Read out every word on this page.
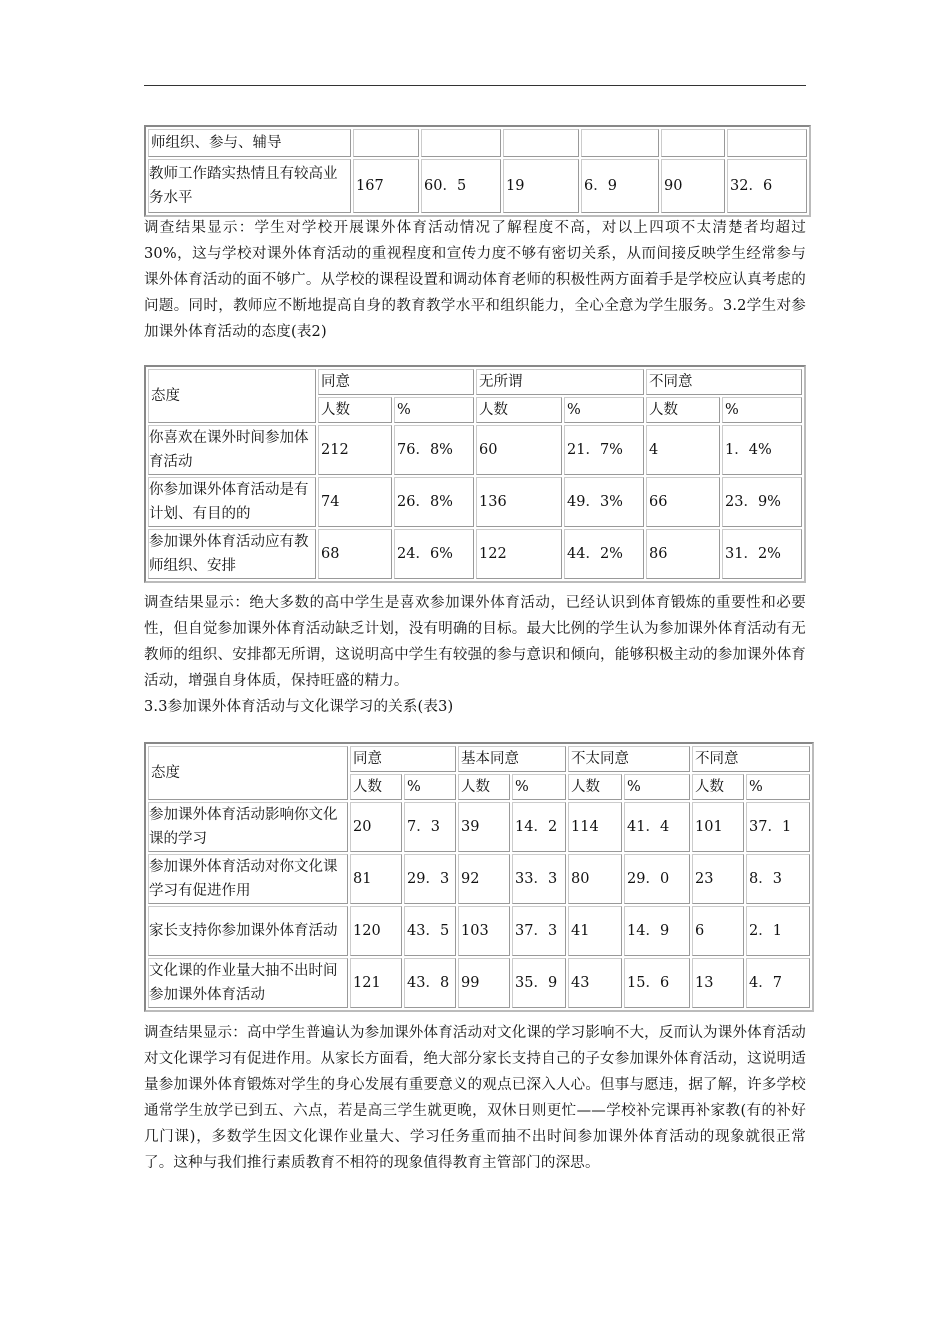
师组织、参与、辅导						
教师工作踏实热情且有较高业务水平	167	60．5	19	6．9	90	32．6

调查结果显示：学生对学校开展课外体育活动情况了解程度不高，对以上四项不太清楚者均超过30%，这与学校对课外体育活动的重视程度和宣传力度不够有密切关系，从而间接反映学生经常参与课外体育活动的面不够广。从学校的课程设置和调动体育老师的积极性两方面着手是学校应认真考虑的问题。同时，教师应不断地提高自身的教育教学水平和组织能力，全心全意为学生服务。3.2学生对参加课外体育活动的态度(表2)

态度	同意		无所谓		不同意	
	人数	%	人数	%	人数	%
你喜欢在课外时间参加体育活动	212	76．8%	60	21．7%	4	1．4%
你参加课外体育活动是有计划、有目的的	74	26．8%	136	49．3%	66	23．9%
参加课外体育活动应有教师组织、安排	68	24．6%	122	44．2%	86	31．2%

调查结果显示：绝大多数的高中学生是喜欢参加课外体育活动，已经认识到体育锻炼的重要性和必要性，但自觉参加课外体育活动缺乏计划，没有明确的目标。最大比例的学生认为参加课外体育活动有无教师的组织、安排都无所谓，这说明高中学生有较强的参与意识和倾向，能够积极主动的参加课外体育活动，增强自身体质，保持旺盛的精力。

3.3参加课外体育活动与文化课学习的关系(表3)

态度	同意		基本同意		不太同意		不同意	
	人数	%	人数	%	人数	%	人数	%
参加课外体育活动影响你文化课的学习	20	7．3	39	14．2	114	41．4	101	37．1
参加课外体育活动对你文化课学习有促进作用	81	29．3	92	33．3	80	29．0	23	8．3
家长支持你参加课外体育活动	120	43．5	103	37．3	41	14．9	6	2．1
文化课的作业量大抽不出时间参加课外体育活动	121	43．8	99	35．9	43	15．6	13	4．7

调查结果显示：高中学生普遍认为参加课外体育活动对文化课的学习影响不大，反而认为课外体育活动对文化课学习有促进作用。从家长方面看，绝大部分家长支持自己的子女参加课外体育活动，这说明适量参加课外体育锻炼对学生的身心发展有重要意义的观点已深入人心。但事与愿违，据了解，许多学校通常学生放学已到五、六点，若是高三学生就更晚，双休日则更忙——学校补完课再补家教(有的补好几门课)，多数学生因文化课作业量大、学习任务重而抽不出时间参加课外体育活动的现象就很正常了。这种与我们推行素质教育不相符的现象值得教育主管部门的深思。
